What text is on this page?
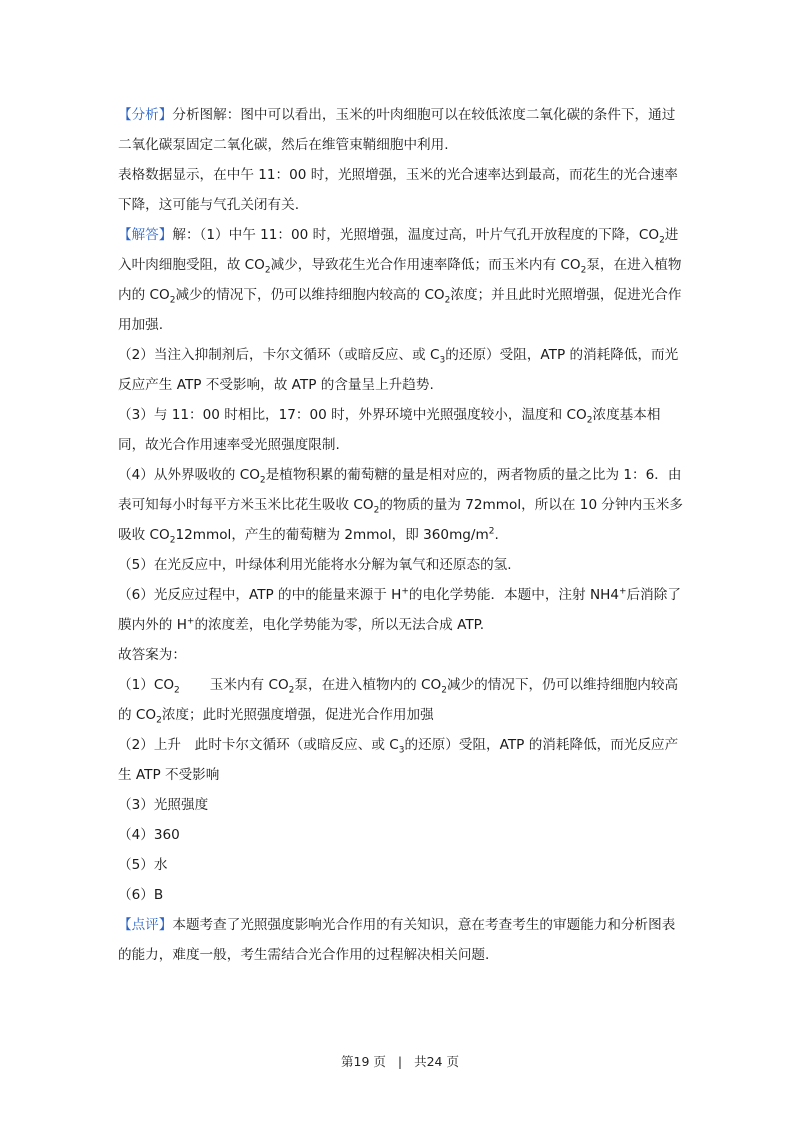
【分析】分析图解：图中可以看出，玉米的叶肉细胞可以在较低浓度二氧化碳的条件下，通过二氧化碳泵固定二氧化碳，然后在维管束鞘细胞中利用.

表格数据显示，在中午 11：00 时，光照增强，玉米的光合速率达到最高，而花生的光合速率下降，这可能与气孔关闭有关.

【解答】解：（1）中午 11：00 时，光照增强，温度过高，叶片气孔开放程度的下降，$CO_2$进入叶肉细胞受阻，故 $CO_2$减少，导致花生光合作用速率降低；而玉米内有 $CO_2$泵，在进入植物内的 $CO_2$减少的情况下，仍可以维持细胞内较高的 $CO_2$浓度；并且此时光照增强，促进光合作用加强.

（2）当注入抑制剂后，卡尔文循环（或暗反应、或 $C_3$的还原）受阻，ATP 的消耗降低，而光反应产生 ATP 不受影响，故 ATP 的含量呈上升趋势.

（3）与 11：00 时相比，17：00 时，外界环境中光照强度较小，温度和 $CO_2$浓度基本相同，故光合作用速率受光照强度限制.

（4）从外界吸收的 $CO_2$是植物积累的葡萄糖的量是相对应的，两者物质的量之比为 1：6．由表可知每小时每平方米玉米比花生吸收 $CO_2$的物质的量为 72mmol，所以在 10 分钟内玉米多吸收 $CO_212mmol$，产生的葡萄糖为 2mmol，即 $360mg/m^2$.

（5）在光反应中，叶绿体利用光能将水分解为氧气和还原态的氢.

（6）光反应过程中，ATP 的中的能量来源于 H+的电化学势能．本题中，注射 NH4+后消除了膜内外的 H+的浓度差，电化学势能为零，所以无法合成 ATP.

故答案为：

$(1)CO_2$ 玉米内有 $CO_2$泵，在进入植物内的 $CO_2$减少的情况下，仍可以维持细胞内较高的 $CO_2$浓度；此时光照强度增强，促进光合作用加强

（2）上升　此时卡尔文循环（或暗反应、或 $C_3$的还原）受阻，ATP 的消耗降低，而光反应产生 ATP 不受影响

（3）光照强度

（4）360

（5）水

（6）B

【点评】本题考查了光照强度影响光合作用的有关知识，意在考查考生的审题能力和分析图表的能力，难度一般，考生需结合光合作用的过程解决相关问题.

第19 页 | 共24 页
